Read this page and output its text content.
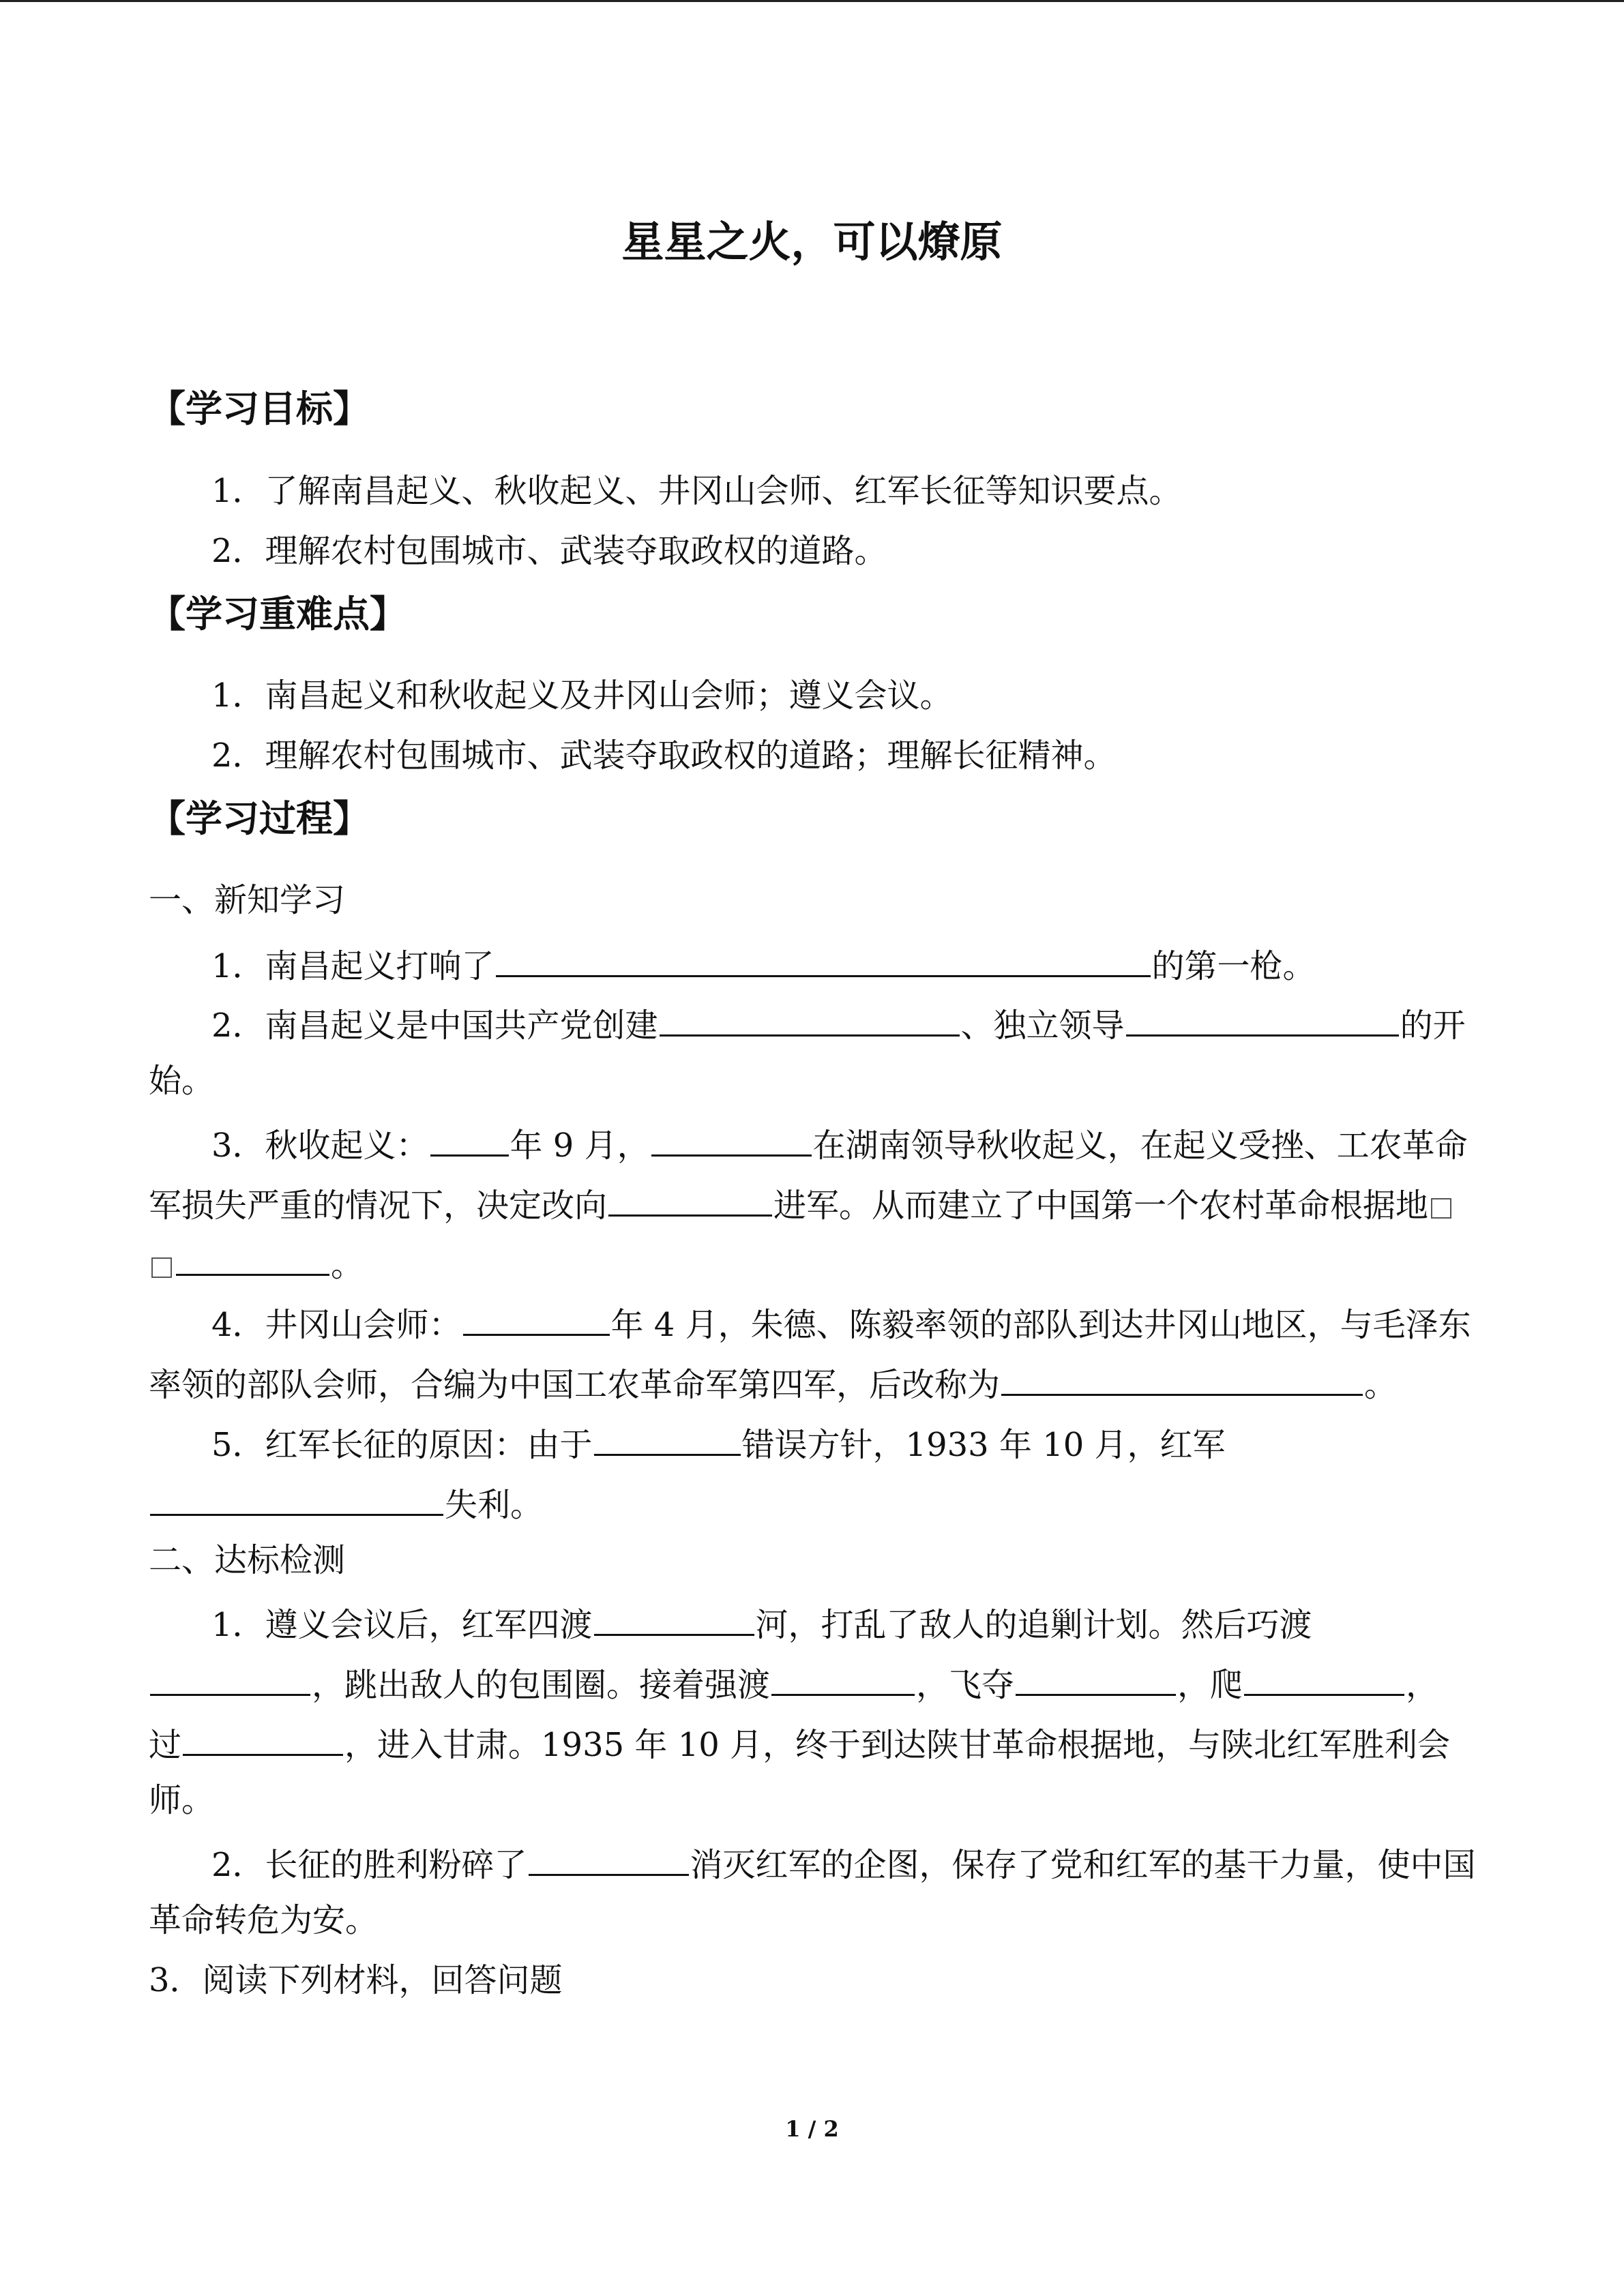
星星之火，可以燎原
【学习目标】
1．了解南昌起义、秋收起义、井冈山会师、红军长征等知识要点。
2．理解农村包围城市、武装夺取政权的道路。
【学习重难点】
1．南昌起义和秋收起义及井冈山会师；遵义会议。
2．理解农村包围城市、武装夺取政权的道路；理解长征精神。
【学习过程】
一、新知学习
1．南昌起义打响了	的第一枪。
2．南昌起义是中国共产党创建	、独立领导	的开
始。
3．秋收起义： 年 9 月，	在湖南领导秋收起义，在起义受挫、工农革命
军损失严重的情况下，决定改向	进军。从而建立了中国第一个农村革命根据地
。
4．井冈山会师：	年 4 月，朱德、陈毅率领的部队到达井冈山地区，与毛泽东
率领的部队会师，合编为中国工农革命军第四军，后改称为	。
5．红军长征的原因：由于	错误方针，1933 年 10 月，红军
失利。
二、达标检测
1．遵义会议后，红军四渡	河，打乱了敌人的追剿计划。然后巧渡
，跳出敌人的包围圈。接着强渡	，飞夺	，爬	，
过	，进入甘肃。1935 年 10 月，终于到达陕甘革命根据地，与陕北红军胜利会
师。
2．长征的胜利粉碎了	消灭红军的企图，保存了党和红军的基干力量，使中国
革命转危为安。
3．阅读下列材料，回答问题
1 / 2
